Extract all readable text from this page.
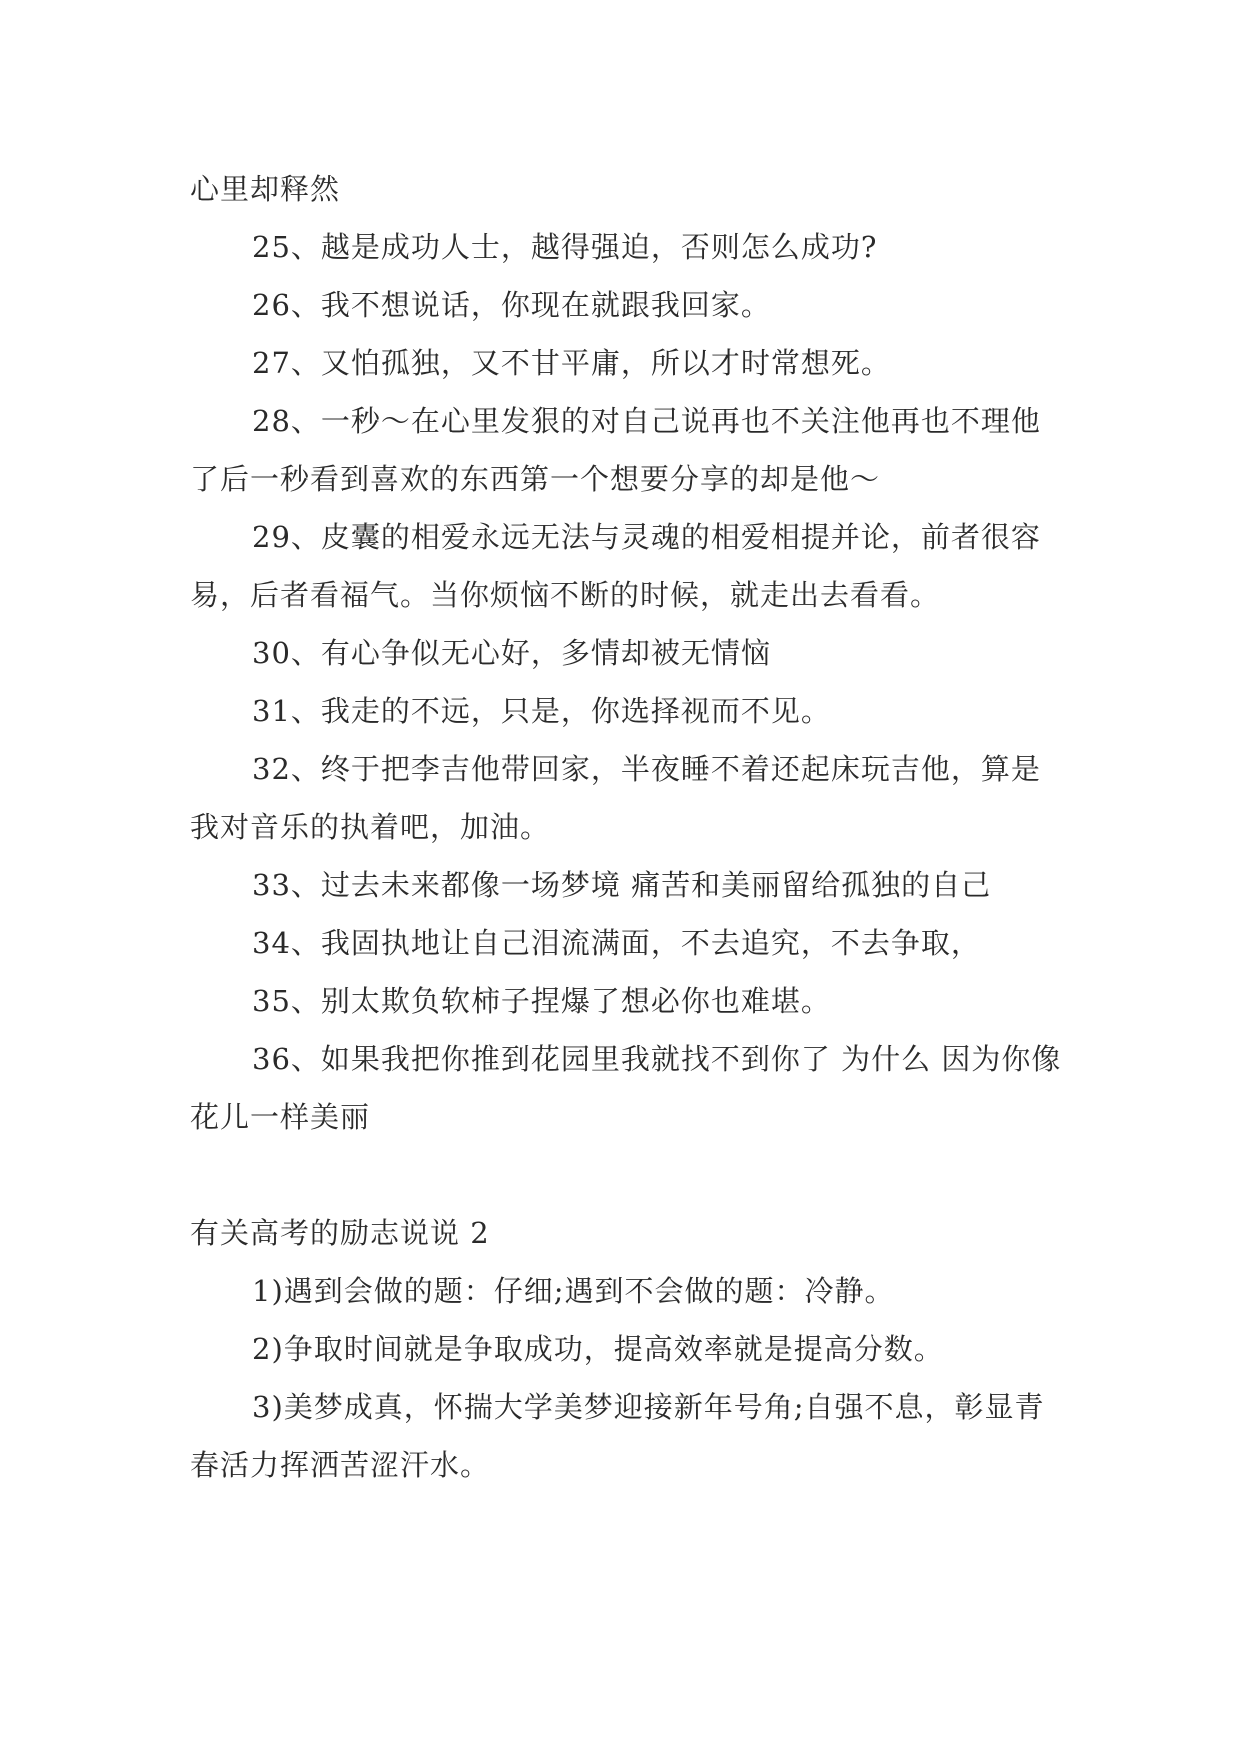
心里却释然

25、越是成功人士，越得强迫，否则怎么成功?

26、我不想说话，你现在就跟我回家。

27、又怕孤独，又不甘平庸，所以才时常想死。

28、一秒～在心里发狠的对自己说再也不关注他再也不理他了后一秒看到喜欢的东西第一个想要分享的却是他～

29、皮囊的相爱永远无法与灵魂的相爱相提并论，前者很容易，后者看福气。当你烦恼不断的时候，就走出去看看。

30、有心争似无心好，多情却被无情恼

31、我走的不远，只是，你选择视而不见。

32、终于把李吉他带回家，半夜睡不着还起床玩吉他，算是我对音乐的执着吧，加油。

33、过去未来都像一场梦境 痛苦和美丽留给孤独的自己

34、我固执地让自己泪流满面，不去追究，不去争取，

35、别太欺负软柿子捏爆了想必你也难堪。

36、如果我把你推到花园里我就找不到你了 为什么 因为你像花儿一样美丽

有关高考的励志说说 2

1)遇到会做的题：仔细;遇到不会做的题：冷静。

2)争取时间就是争取成功，提高效率就是提高分数。

3)美梦成真，怀揣大学美梦迎接新年号角;自强不息，彰显青春活力挥洒苦涩汗水。
